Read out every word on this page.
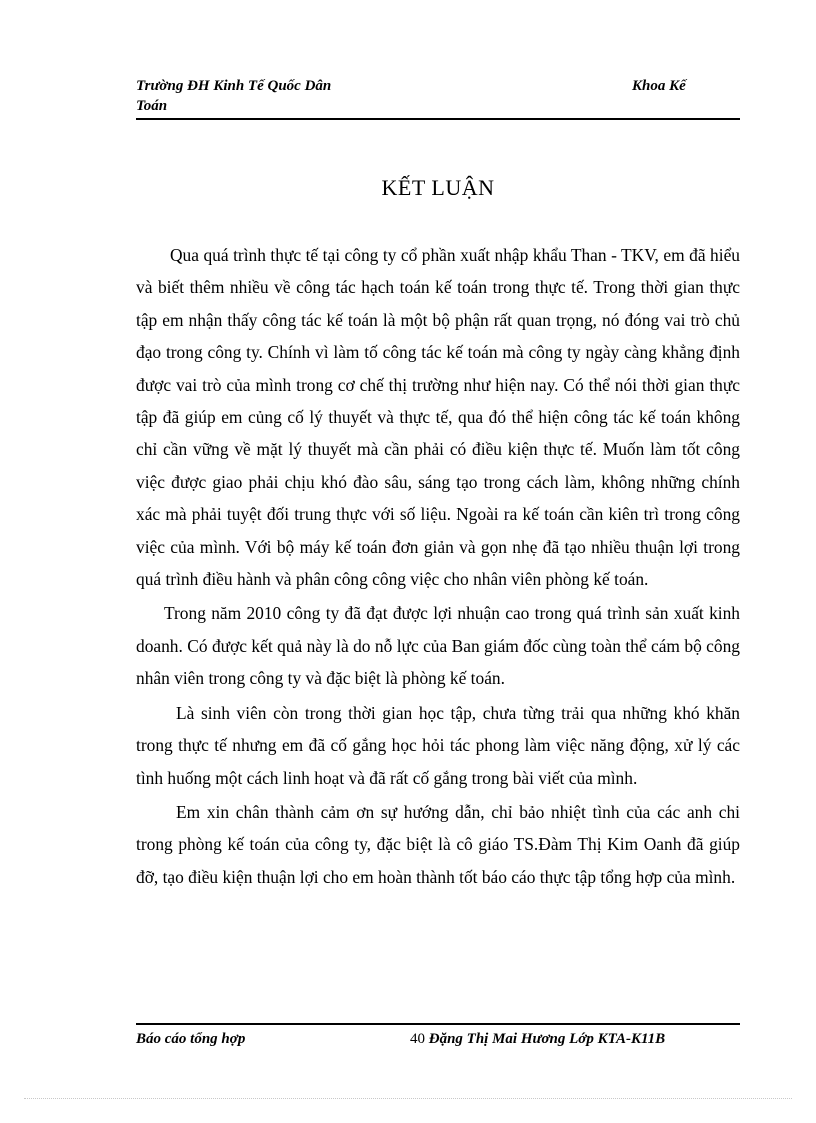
Trường ĐH Kinh Tế Quốc Dân	Khoa Kế
Toán
KẾT LUẬN

Qua quá trình thực tế tại công ty cổ phần xuất nhập khẩu Than - TKV, em đã hiểu và biết thêm nhiều về công tác hạch toán kế toán trong thực tế. Trong thời gian thực tập em nhận thấy công tác kế toán là một bộ phận rất quan trọng, nó đóng vai trò chủ đạo trong công ty. Chính vì làm tố công tác kế toán mà công ty ngày càng khẳng định được vai trò của mình trong cơ chế thị trường như hiện nay. Có thể nói thời gian thực tập đã giúp em củng cố lý thuyết và thực tế, qua đó thể hiện công tác kế toán không chỉ cần vững về mặt lý thuyết mà cần phải có điều kiện thực tế. Muốn làm tốt công việc được giao phải chịu khó đào sâu, sáng tạo trong cách làm, không những chính xác mà phải tuyệt đối trung thực với số liệu. Ngoài ra kế toán cần kiên trì trong công việc của mình. Với bộ máy kế toán đơn giản và gọn nhẹ đã tạo nhiều thuận lợi trong quá trình điều hành và phân công công việc cho nhân viên phòng kế toán.

Trong năm 2010 công ty đã đạt được lợi nhuận cao trong quá trình sản xuất kinh doanh. Có được kết quả này là do nỗ lực của Ban giám đốc cùng toàn thể cám bộ công nhân viên trong công ty và đặc biệt là phòng kế toán.

Là sinh viên còn trong thời gian học tập, chưa từng trải qua những khó khăn trong thực tế nhưng em đã cố gắng học hỏi tác phong làm việc năng động, xử lý các tình huống một cách linh hoạt và đã rất cố gắng trong bài viết của mình.

Em xin chân thành cảm ơn sự hướng dẫn, chỉ bảo nhiệt tình của các anh chi trong phòng kế toán của công ty, đặc biệt là cô giáo TS.Đàm Thị Kim Oanh đã giúp đỡ, tạo điều kiện thuận lợi cho em hoàn thành tốt báo cáo thực tập tổng hợp của mình.

Báo cáo tổng hợp	40 Đặng Thị Mai Hương Lớp KTA-K11B
